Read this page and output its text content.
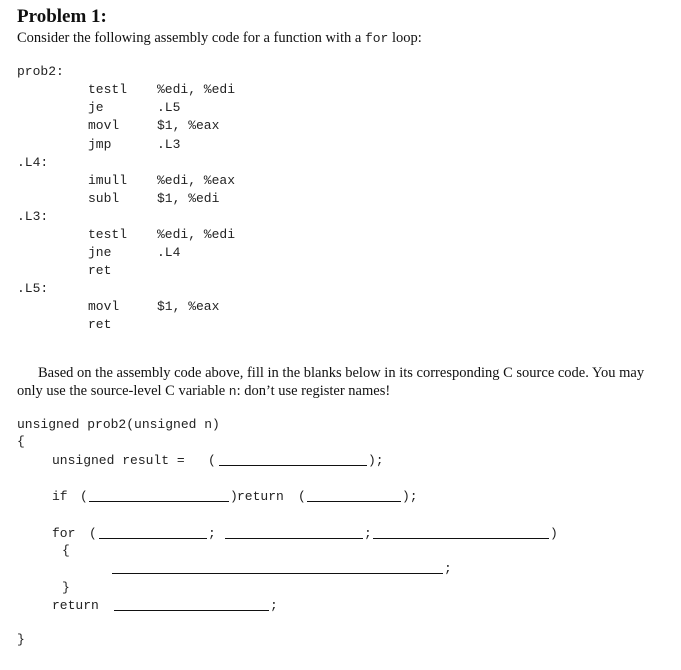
Problem 1:
Consider the following assembly code for a function with a for loop:
prob2:
testl %edi, %edi
je	.L5
movl	$1, %eax
jmp	.L3
.L4:
imull %edi, %eax
subl	$1, %edi
.L3:
testl %edi, %edi
jne	.L4
ret
.L5:
movl	$1, %eax
ret
Based on the assembly code above, fill in the blanks below in its corresponding C source code. You may
only use the source-level C variable n: don’t use register names!
unsigned prob2(unsigned n)
{
unsigned result = (	);
if (	) return (	);
for (	;	;	)
{
;
}
return	;
}
